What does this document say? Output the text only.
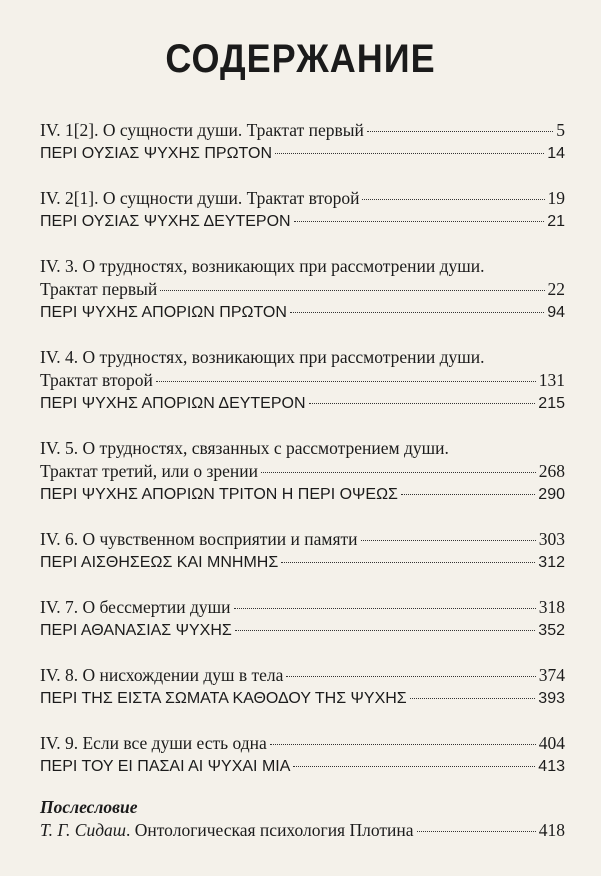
СОДЕРЖАНИЕ
IV. 1[2]. О сущности души. Трактат первый	5
ΠΕΡΙ ΟΥΣΙΑΣ ΨΥΧΗΣ ΠΡΩΤΟΝ	14
IV. 2[1]. О сущности души. Трактат второй	19
ΠΕΡΙ ΟΥΣΙΑΣ ΨΥΧΗΣ ΔΕΥΤΕΡΟΝ	21
IV. 3. О трудностях, возникающих при рассмотрении души.
Трактат первый	22
ΠΕΡΙ ΨΥΧΗΣ ΑΠΟΡΙΩΝ ΠΡΩΤΟΝ	94
IV. 4. О трудностях, возникающих при рассмотрении души.
Трактат второй	131
ΠΕΡΙ ΨΥΧΗΣ ΑΠΟΡΙΩΝ ΔΕΥΤΕΡΟΝ	215
IV. 5. О трудностях, связанных с рассмотрением души.
Трактат третий, или о зрении	268
ΠΕΡΙ ΨΥΧΗΣ ΑΠΟΡΙΩΝ ΤΡΙΤΟΝ Η ΠΕΡΙ ΟΨΕΩΣ	290
IV. 6. О чувственном восприятии и памяти	303
ΠΕΡΙ ΑΙΣΘΗΣΕΩΣ ΚΑΙ ΜΝΗΜΗΣ	312
IV. 7. О бессмертии души	318
ΠΕΡΙ ΑΘΑΝΑΣΙΑΣ ΨΥΧΗΣ	352
IV. 8. О нисхождении душ в тела	374
ΠΕΡΙ ΤΗΣ ΕΙΣΤΑ ΣΩΜΑΤΑ ΚΑΘΟΔΟΥ ΤΗΣ ΨΥΧΗΣ	393
IV. 9. Если все души есть одна	404
ΠΕΡΙ ΤΟΥ ΕΙ ΠΑΣΑΙ ΑΙ ΨΥΧΑΙ ΜΙΑ	413
Послесловие
Т. Г. Сидаш. Онтологическая психология Плотина	418
